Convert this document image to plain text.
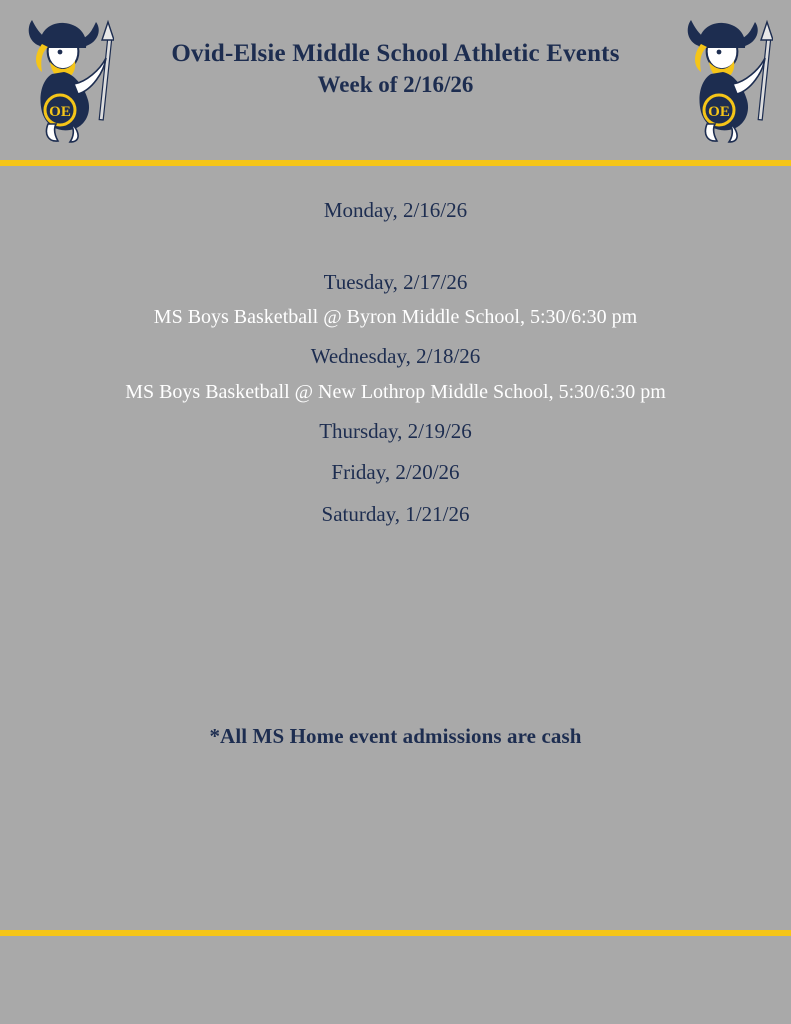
OE
Ovid-Elsie Middle School Athletic Events
Week of 2/16/26
OE

Monday, 2/16/26

Tuesday, 2/17/26

MS Boys Basketball @ Byron Middle School, 5:30/6:30 pm

Wednesday, 2/18/26

MS Boys Basketball @ New Lothrop Middle School, 5:30/6:30 pm

Thursday, 2/19/26

Friday, 2/20/26

Saturday, 1/21/26

*All MS Home event admissions are cash
